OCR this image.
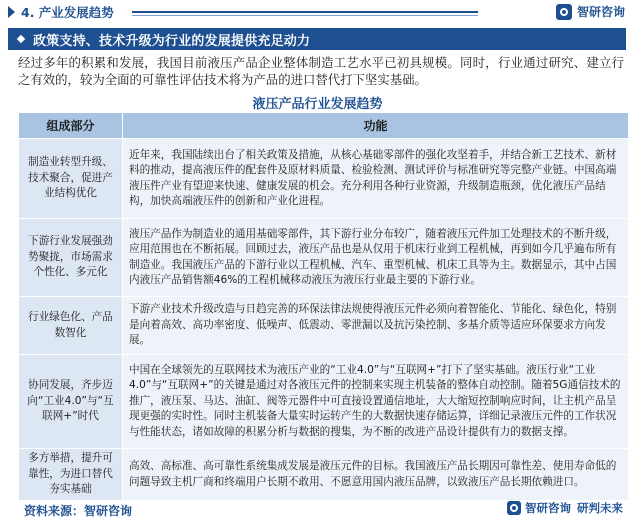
4. 产业发展趋势	智研咨询
政策支持、技术升级为行业的发展提供充足动力
经过多年的积累和发展，我国目前液压产品企业整体制造工艺水平已初具规模。同时，行业通过研究、建立行之有效的，较为全面的可靠性评估技术将为产品的进口替代打下坚实基础。
液压产品行业发展趋势
组成部分	功能
制造业转型升级、技术聚合，促进产业结构优化	近年来，我国陆续出台了相关政策及措施，从核心基础零部件的强化攻坚着手，并结合新工艺技术、新材料的推动，提高液压件的配套件及原材料质量、检验检测、测试评价与标准研究等完整产业链。中国高端液压件产业有望迎来快速、健康发展的机会。充分利用各种行业资源，升级制造瓶颈，优化液压产品结构，加快高端液压件的创新和产业化进程。
下游行业发展强劲势聚拢，市场需求个性化、多元化	液压产品作为制造业的通用基础零部件，其下游行业分布较广，随着液压元件加工处理技术的不断升级，应用范围也在不断拓展。回顾过去，液压产品也是从仅用于机床行业到工程机械，再到如今几乎遍布所有制造业。我国液压产品的下游行业以工程机械、汽车、重型机械、机床工具等为主。数据显示，其中占国内液压产品销售额46%的工程机械移动液压为液压行业最主要的下游行业。
行业绿色化、产品数智化	下游产业技术升级改造与日趋完善的环保法律法规使得液压元件必须向着智能化、节能化、绿色化，特别是向着高效、高功率密度、低噪声、低震动、零泄漏以及抗污染控制、多基介质等适应环保要求方向发展。
协同发展，齐步迈向“工业4.0”与“互联网+”时代	中国在全球领先的互联网技术为液压产业的“工业4.0”与“互联网+”打下了坚实基础。液压行业“工业4.0”与“互联网+”的关键是通过对各液压元件的控制来实现主机装备的整体自动控制。随着5G通信技术的推广，液压泵、马达、油缸、阀等元器件中可直接设置通信地址，大大缩短控制响应时间，让主机产品呈现更强的实时性。同时主机装备大量实时运转产生的大数据快速存储运算，详细记录液压元件的工作状况与性能状态，诸如故障的积累分析与数据的搜集，为不断的改进产品设计提供有力的数据支撑。
多方举措，提升可靠性，为进口替代夯实基础	高效、高标准、高可靠性系统集成发展是液压元件的目标。我国液压产品长期因可靠性差、使用寿命低的问题导致主机厂商和终端用户长期不敢用、不愿意用国内液压品牌，以致液压产品长期依赖进口。
资料来源：智研咨询	智研咨询 研判未来
